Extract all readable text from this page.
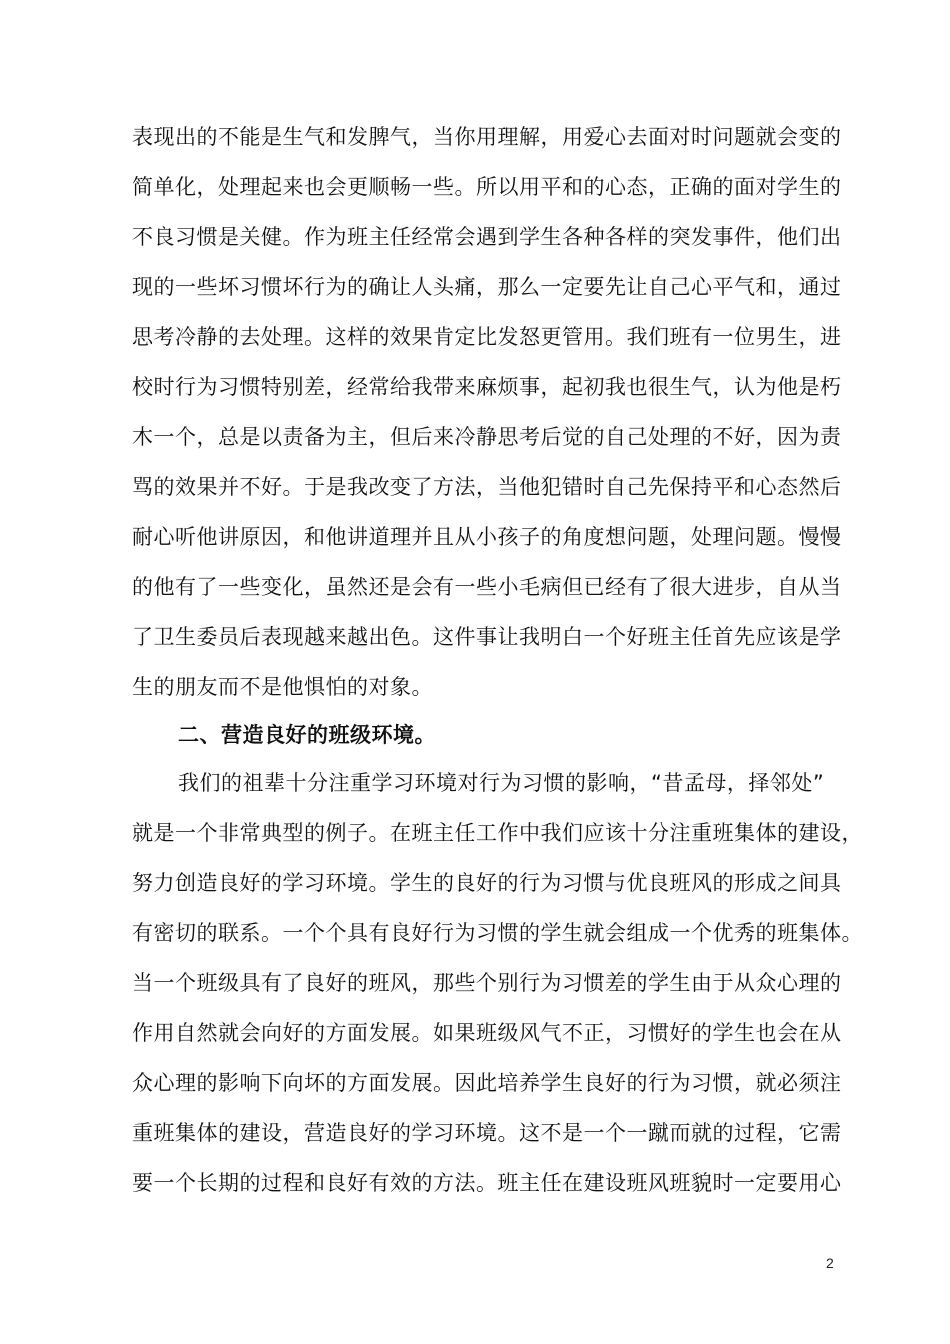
表现出的不能是生气和发脾气，当你用理解，用爱心去面对时问题就会变的
简单化，处理起来也会更顺畅一些。所以用平和的心态，正确的面对学生的
不良习惯是关健。作为班主任经常会遇到学生各种各样的突发事件，他们出
现的一些坏习惯坏行为的确让人头痛，那么一定要先让自己心平气和，通过
思考冷静的去处理。这样的效果肯定比发怒更管用。我们班有一位男生，进
校时行为习惯特别差，经常给我带来麻烦事，起初我也很生气，认为他是朽
木一个，总是以责备为主，但后来冷静思考后觉的自己处理的不好，因为责
骂的效果并不好。于是我改变了方法，当他犯错时自己先保持平和心态然后
耐心听他讲原因，和他讲道理并且从小孩子的角度想问题，处理问题。慢慢
的他有了一些变化，虽然还是会有一些小毛病但已经有了很大进步，自从当
了卫生委员后表现越来越出色。这件事让我明白一个好班主任首先应该是学
生的朋友而不是他惧怕的对象。
二、营造良好的班级环境。
我们的祖辈十分注重学习环境对行为习惯的影响，“昔孟母，择邻处”
就是一个非常典型的例子。在班主任工作中我们应该十分注重班集体的建设，
努力创造良好的学习环境。学生的良好的行为习惯与优良班风的形成之间具
有密切的联系。一个个具有良好行为习惯的学生就会组成一个优秀的班集体。
当一个班级具有了良好的班风，那些个别行为习惯差的学生由于从众心理的
作用自然就会向好的方面发展。如果班级风气不正，习惯好的学生也会在从
众心理的影响下向坏的方面发展。因此培养学生良好的行为习惯，就必须注
重班集体的建设，营造良好的学习环境。这不是一个一蹴而就的过程，它需
要一个长期的过程和良好有效的方法。班主任在建设班风班貌时一定要用心
2
